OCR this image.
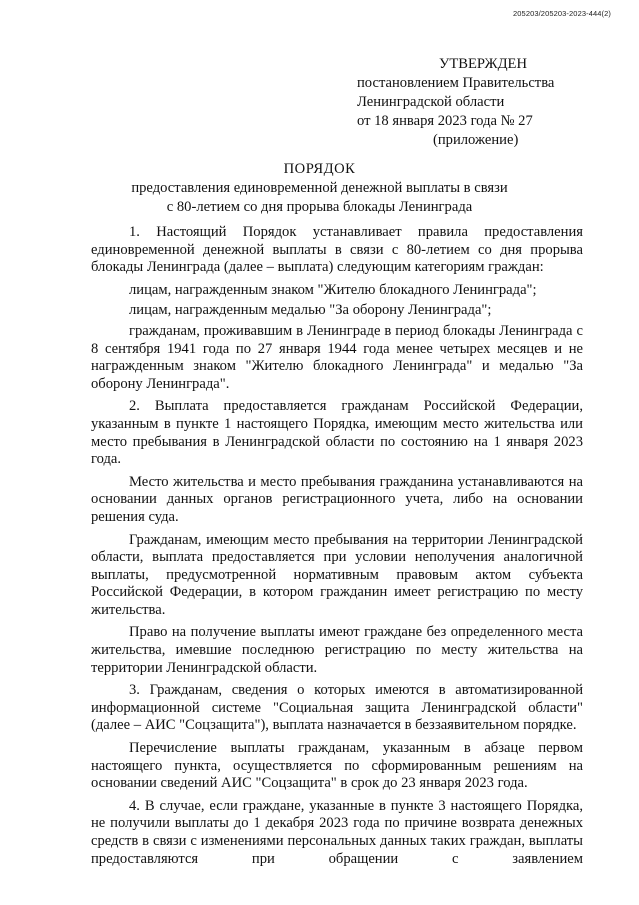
205203/205203-2023-444(2)
УТВЕРЖДЕН
постановлением Правительства
Ленинградской области
от 18 января 2023 года № 27
(приложение)
ПОРЯДОК
предоставления единовременной денежной выплаты в связи
с 80-летием со дня прорыва блокады Ленинграда

1. Настоящий Порядок устанавливает правила предоставления единовременной денежной выплаты в связи с 80-летием со дня прорыва блокады Ленинграда (далее – выплата) следующим категориям граждан:

лицам, награжденным знаком "Жителю блокадного Ленинграда";

лицам, награжденным медалью "За оборону Ленинграда";

гражданам, проживавшим в Ленинграде в период блокады Ленинграда с 8 сентября 1941 года по 27 января 1944 года менее четырех месяцев и не награжденным знаком "Жителю блокадного Ленинграда" и медалью "За оборону Ленинграда".

2. Выплата предоставляется гражданам Российской Федерации, указанным в пункте 1 настоящего Порядка, имеющим место жительства или место пребывания в Ленинградской области по состоянию на 1 января 2023 года.

Место жительства и место пребывания гражданина устанавливаются на основании данных органов регистрационного учета, либо на основании решения суда.

Гражданам, имеющим место пребывания на территории Ленинградской области, выплата предоставляется при условии неполучения аналогичной выплаты, предусмотренной нормативным правовым актом субъекта Российской Федерации, в котором гражданин имеет регистрацию по месту жительства.

Право на получение выплаты имеют граждане без определенного места жительства, имевшие последнюю регистрацию по месту жительства на территории Ленинградской области.

3. Гражданам, сведения о которых имеются в автоматизированной информационной системе "Социальная защита Ленинградской области" (далее – АИС "Соцзащита"), выплата назначается в беззаявительном порядке.

Перечисление выплаты гражданам, указанным в абзаце первом настоящего пункта, осуществляется по сформированным решениям на основании сведений АИС "Соцзащита" в срок до 23 января 2023 года.

4. В случае, если граждане, указанные в пункте 3 настоящего Порядка, не получили выплаты до 1 декабря 2023 года по причине возврата денежных средств в связи с изменениями персональных данных таких граждан, выплаты предоставляются при обращении с заявлением
